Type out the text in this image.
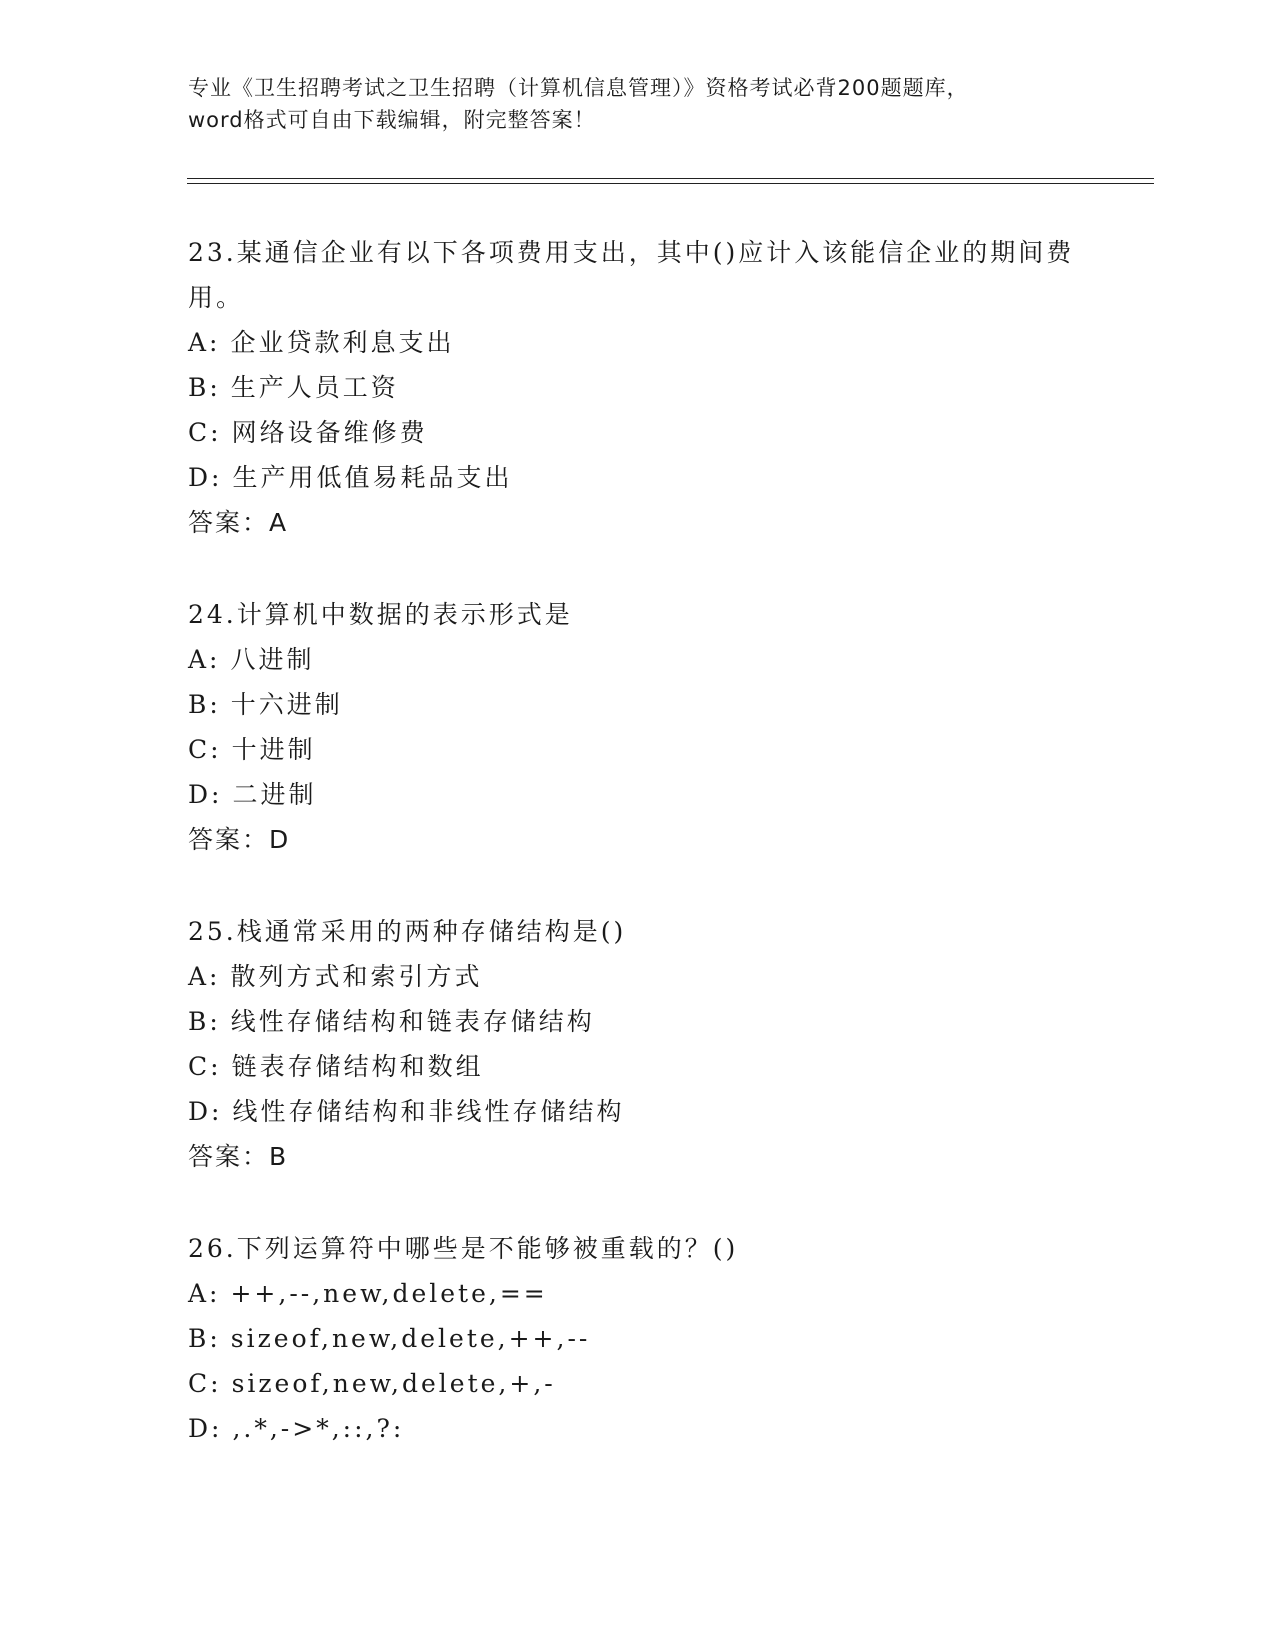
专业《卫生招聘考试之卫生招聘（计算机信息管理）》资格考试必背200题题库，

word格式可自由下载编辑，附完整答案！

23.某通信企业有以下各项费用支出，其中()应计入该能信企业的期间费用。

A: 企业贷款利息支出

B: 生产人员工资

C: 网络设备维修费

D: 生产用低值易耗品支出

答案：A

24.计算机中数据的表示形式是

A: 八进制

B: 十六进制

C: 十进制

D: 二进制

答案：D

25.栈通常采用的两种存储结构是()

A: 散列方式和索引方式

B: 线性存储结构和链表存储结构

C: 链表存储结构和数组

D: 线性存储结构和非线性存储结构

答案：B

26.下列运算符中哪些是不能够被重载的？()

A: ++,--,new,delete,==

B: sizeof,new,delete,++,--

C: sizeof,new,delete,+,-

D: ,.*,->*,::,?:
